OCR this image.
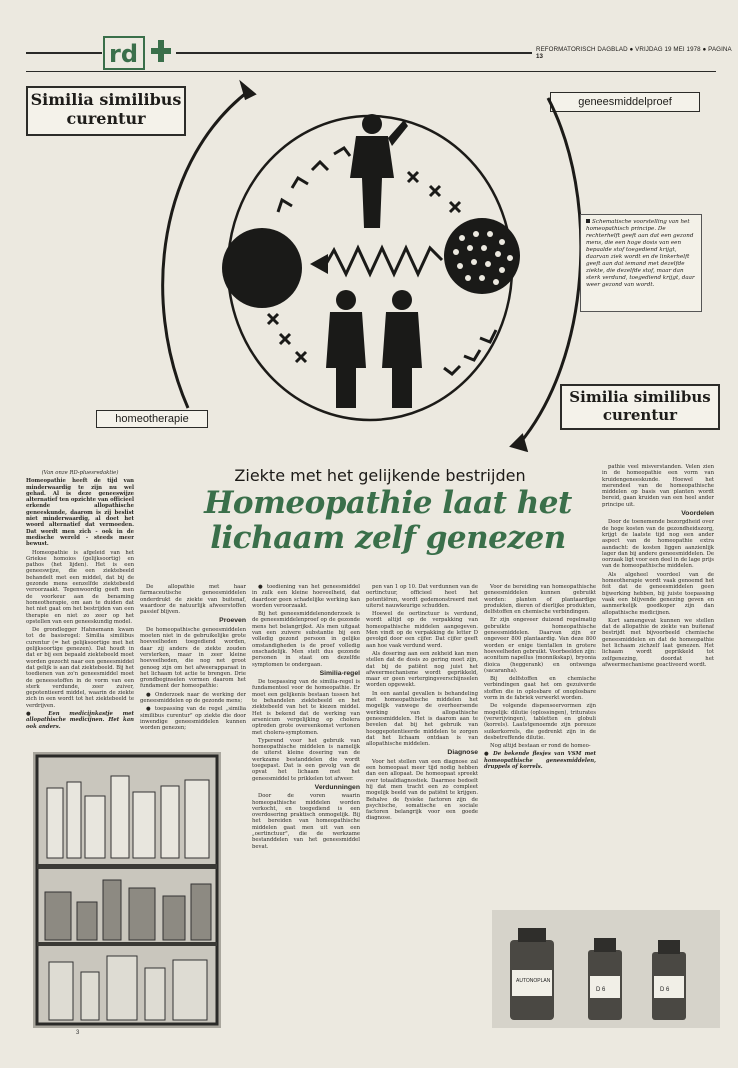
rd	REFORMATORISCH DAGBLAD ● VRIJDAG 19 MEI 1978 ● PAGINA 13
Similia similibus curentur
geneesmiddelproef
homeotherapie
Similia similibus curentur
Schematische voorstelling van het homeopathisch principe. De rechterhelft geeft aan dat een gezond mens, die een hoge dosis van een bepaalde stof toegediend krijgt, daarvan ziek wordt en de linkerhelft geeft aan dat iemand met dezelfde ziekte, die dezelfde stof, maar dan sterk verdund, toegediend krijgt, daar weer gezond van wordt.
Ziekte met het gelijkende bestrijden
Homeopathie laat het lichaam zelf genezen

(Van onze RD-pluesredaktie)

Homeopathie heeft de tijd van minderwaardig te zijn nu wel gehad. Al is deze geneeswijze alternatief ten opzichte van officieel erkende allopathische geneeskunde, daarom is zij beslist niet minderwaardig, al doet het woord alternatief dat vermoeden. Dat wordt men zich - ook in de medische wereld - steeds meer bewust.

Homeopathie is afgeleid van het Griekse homoios (gelijksoortig) en pathos (het lijden). Het is een geneeswijze, die een ziektebeeld behandelt met een middel, dat bij de gezonde mens eenzelfde ziektebeeld veroorzaakt. Tegenwoordig geeft men de voorkeur aan de benaming homeotherapie, om aan te duiden dat het niet gaat om het bestrijden van een therapie en niet zo zeer op het opstellen van een geneeskundig model.

De grondlegger Hahnemann kwam tot de basisregel: Similia similibus curentur (= het gelijksoortige met het gelijksoortige genezen). Dat houdt in dat er bij een bepaald ziektebeeld moet worden gezocht naar een geneesmiddel dat gelijk is aan dat ziektebeeld. Bij het toedienen van zo'n geneesmiddel moet de geneesstoffen in de vorm van een sterk verdunde, zeer zuiver, gepotentieerd middel, waarin de ziekte zich in een wordt tot het ziektebeeld te verdrijven.

● Een medicijnkastje met allopathische medicijnen. Het kan ook anders.

De allopathie met haar farmaceutische geneesmiddelen onderdrukt de ziekte van buitenaf, waardoor de natuurlijk afweerstoffen passief blijven.

Proeven

De homeopathische geneesmiddelen moeten niet in de gebruikelijke grote hoeveelheden toegediend worden, daar zij anders de ziekte zouden versterken, maar in zeer kleine hoeveelheden, die nog net groot genoeg zijn om het afweerapparaat in het lichaam tot actie te brengen. Drie grondbeginselen vormen daarom het fundament der homeopathie:

● Onderzoek naar de werking der geneesmiddelen op de gezonde mens;

● toepassing van de regel „similia similibus curentur" op ziekte die door inwendige geneesmiddelen kunnen worden genezen;

● toediening van het geneesmiddel in zulk een kleine hoeveelheid, dat daardoor geen schadelijke werking kan worden veroorzaakt.

Bij het geneesmiddelenonderzoek is de geneesmiddelenproef op de gezonde mens het belangrijkst. Als men uitgaat van een zuivere substantie bij een volledig gezond persoon in gelijke omstandigheden is de proef volledig onschadelijk. Men stelt dus gezonde personen in staat om dezelfde symptomen te ondergaan.

Similia-regel

De toepassing van de similia-regel is fundamenteel voor de homeopathie. Er moet een gelijkenis bestaan tussen het te behandelen ziektebeeld en het ziektebeeld van het te kiezen middel. Het is bekend dat de werking van arsenicum vergelijking op cholera optreden grote overeenkomst vertonen met cholera-symptomen.

Typerend voor het gebruik van homeopathische middelen is namelijk de uiterst kleine dosering van de werkzame bestanddelen die wordt toegepast. Dat is een gevolg van de opvat het lichaam met het geneesmiddel te prikkelen tot afweer.

Verdunningen

Door de voren waarin homeopathische middelen worden verkocht, en toegediend is een overdosering praktisch onmogelijk. Bij het bereiden van homeopathische middelen gaat men uit van een „oertinctuur", die de werkzame bestanddelen van het geneesmiddel bevat.

pen van 1 op 10. Dat verdunnen van de oertinctuur, officieel heet het potentiëren, wordt gedemonstreerd met uiterst nauwkeurige schudden.

Hoewel de oertinctuur is verdund, wordt altijd op de verpakking van homeopathische middelen aangegeven. Men vindt op de verpakking de letter D gevolgd door een cijfer. Dat cijfer geeft aan hoe vaak verdund werd.

Als dosering aan een zekheid kan men stellen dat de dosis zo gering moet zijn, dat bij de patiënt nog juist het afweermechanisme wordt geprikkeld, maar er geen vertergingsverschijnselen worden opgewekt.

In een aantal gevallen is behandeling met homeopathische middelen het mogelijk vanwege de overheersende werking van allopathische geneesmiddelen. Het is daarom aan te bevelen dat bij het gebruik van hooggepotentieerde middelen te zorgen dat het lichaam ontdaan is van allopathische middelen.

Diagnose

Voor het stellen van een diagnose zal een homeopaat meer tijd nodig hebben dan een allopaat. De homeopaat spreekt over totaaldiagnostiek. Daarmee bedoelt hij dat men tracht een zo compleet mogelijk beeld van de patiënt te krijgen. Behalve de fysieke factoren zijn de psychische, somatische en sociale factoren belangrijk voor een goede diagnose.

Voor de bereiding van homeopathische geneesmiddelen kunnen gebruikt worden: planten of plantaardige produkten, dieren of dierlijke produkten, delfstoffen en chemische verbindingen.

Er zijn ongeveer duizend regelmatig gebruikte homeopathische geneesmiddelen. Daarvan zijn er ongeveer 800 plantaardig. Van deze 800 worden er enige tientallen in grotere hoeveelheden gebruikt. Voorbeelden zijn: aconitum napellus (monnikskap), bryonia dioica (heggerank) en ontwenga (sacaranha).

Bij delfstoffen en chemische verbindingen gaat het om gezuiverde stoffen die in oplosbare of onoplosbare vorm in de fabriek verwerkt worden.

De volgende dispenseervormen zijn mogelijk: dilutie (oplossingen), triturates (verwrijvingen), tabletten en globuli (korrels). Laatstgenoemde zijn poreuze suikerkorrels, die gedrenkt zijn in de desbetreffende dilutie.

Nog altijd bestaan er rond de homeo-

● De bekende flesjes van VSM met homeopathische geneesmiddelen, druppels of korrels.

pathie veel misverstanden. Velen zien in de homeopathie een vorm van kruidengeneeskunde. Hoewel het merendeel van de homeopathische middelen op basis van planten wordt bereid, gaan kruiden van een heel ander principe uit.

Voordelen

Door de toenemende bezorgdheid over de hoge kosten van de gezondheidszorg, krijgt de laatste tijd nog een ander aspect van de homeopathie extra aandacht: de kosten liggen aanzienlijk lager dan bij andere geneesmiddelen. De oorzaak ligt voor een deel in de lage prijs van de homeopathische middelen.

Als algeheel voordeel van de homeotherapie wordt vaak genoemd het feit dat de geneesmiddelen geen bijwerking hebben, bij juiste toepassing vaak een blijvende genezing geven en aanmerkelijk goedkoper zijn dan allopathische medicijnen.

Kort samengevat kunnen we stellen dat de allopathie de ziekte van buitenaf bestrijdt met bijvoorbeeld chemische geneesmiddelen en dat de homeopathie het lichaam zichzelf laat genezen. Het lichaam wordt geprikkeld tot zelfgenezing, doordat het afweermechanisme geactiveerd wordt.

AUTONOPLAN
D 6	D 6
3
